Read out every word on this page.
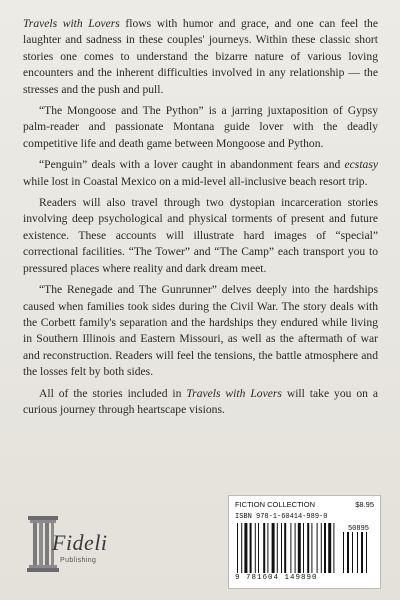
Travels with Lovers flows with humor and grace, and one can feel the laughter and sadness in these couples' journeys. Within these classic short stories one comes to understand the bizarre nature of various loving encounters and the inherent difficulties involved in any relationship — the stresses and the push and pull.

“The Mongoose and The Python” is a jarring juxtaposition of Gypsy palm-reader and passionate Montana guide lover with the deadly competitive life and death game between Mongoose and Python.

“Penguin” deals with a lover caught in abandonment fears and ecstasy while lost in Coastal Mexico on a mid-level all-inclusive beach resort trip.

Readers will also travel through two dystopian incarceration stories involving deep psychological and physical torments of present and future existence. These accounts will illustrate hard images of “special” correctional facilities. “The Tower” and “The Camp” each transport you to pressured places where reality and dark dream meet.

“The Renegade and The Gunrunner” delves deeply into the hardships caused when families took sides during the Civil War. The story deals with the Corbett family's separation and the hardships they endured while living in Southern Illinois and Eastern Missouri, as well as the aftermath of war and reconstruction. Readers will feel the tensions, the battle atmosphere and the losses felt by both sides.

All of the stories included in Travels with Lovers will take you on a curious journey through heartscape visions.

Fideli
Publishing
FICTION COLLECTION	$8.95
ISBN 978-1-60414-989-0
50895
9 781604 149890
